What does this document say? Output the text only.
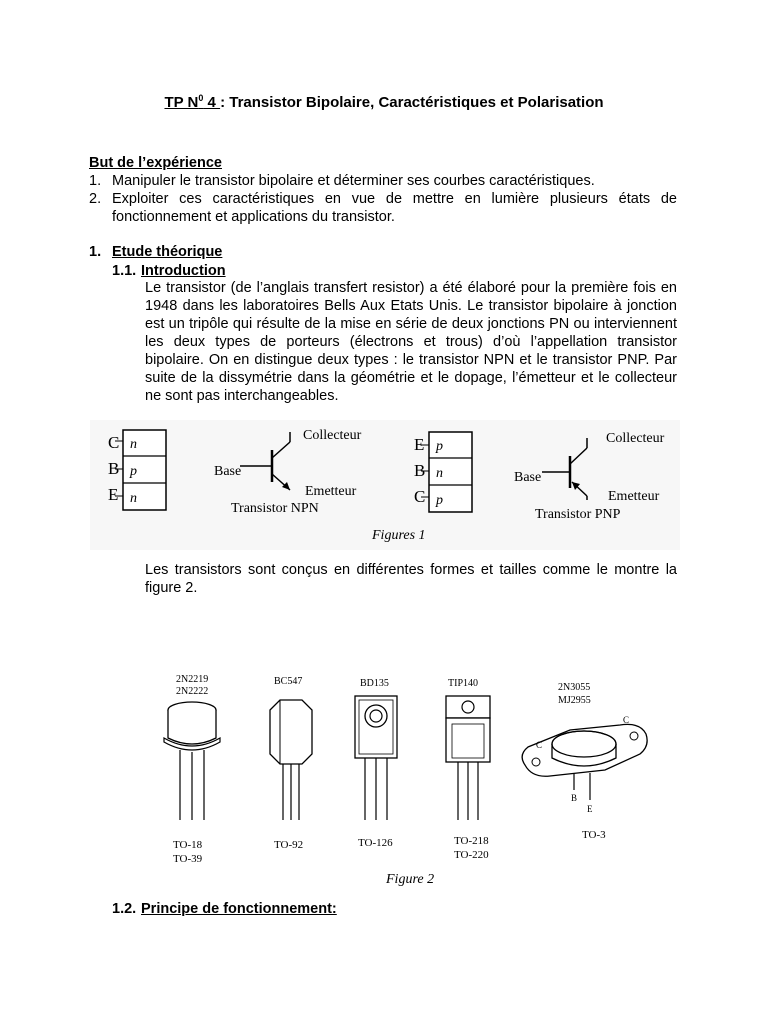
TP $N^0$ 4 : Transistor Bipolaire, Caractéristiques et Polarisation
But de l’expérience
1. Manipuler le transistor bipolaire et déterminer ses courbes caractéristiques.
2. Exploiter ces caractéristiques en vue de mettre en lumière plusieurs états de
fonctionnement et applications du transistor.
1. Etude théorique
1.1. Introduction
Le transistor (de l’anglais transfert resistor) a été élaboré pour la première fois en
1948 dans les laboratoires Bells Aux Etats Unis. Le transistor bipolaire à jonction
est un tripôle qui résulte de la mise en série de deux jonctions PN ou interviennent
les deux types de porteurs (électrons et trous) d’où l’appellation transistor
bipolaire. On en distingue deux types : le transistor NPN et le transistor PNP. Par
suite de la dissymétrie dans la géométrie et le dopage, l’émetteur et le collecteur
ne sont pas interchangeables.
C
B
E
n
p
n
Collecteur
Base
Emetteur
Transistor NPN
E
B
C
p
n
p
Collecteur
Base
Emetteur
Transistor PNP
Figures 1
Les transistors sont conçus en différentes formes et tailles comme le montre la
figure 2.
2N2219
2N2222
TO-18
TO-39
BC547
TO-92
BD135
TO-126
TIP140
TO-218
TO-220
2N3055
MJ2955
C
C
B
E
TO-3
Figure 2
1.2. Principe de fonctionnement:
